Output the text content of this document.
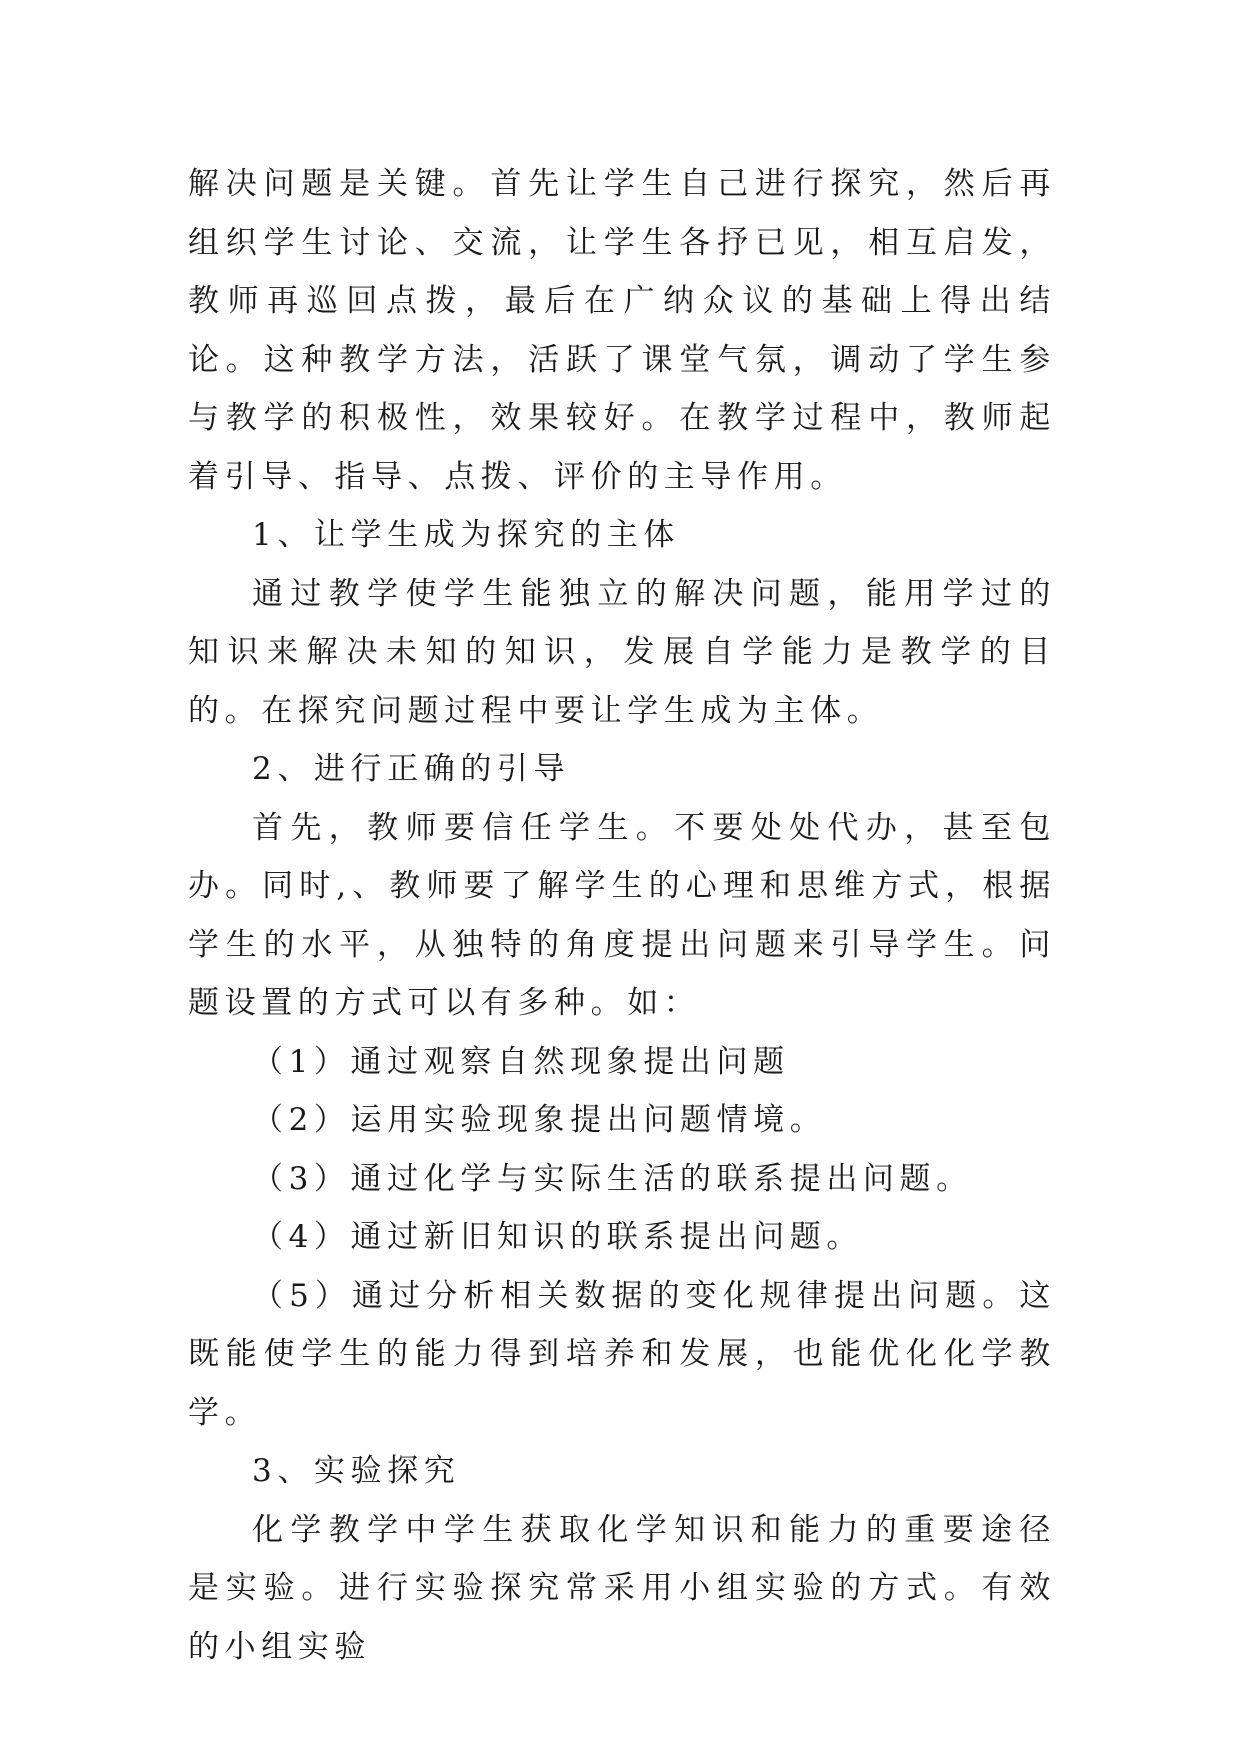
解决问题是关键。首先让学生自己进行探究，然后再组织学生讨论、交流，让学生各抒已见，相互启发，教师再巡回点拨，最后在广纳众议的基础上得出结论。这种教学方法，活跃了课堂气氛，调动了学生参与教学的积极性，效果较好。在教学过程中，教师起着引导、指导、点拨、评价的主导作用。

1、让学生成为探究的主体

通过教学使学生能独立的解决问题，能用学过的知识来解决未知的知识，发展自学能力是教学的目的。在探究问题过程中要让学生成为主体。

2、进行正确的引导

首先，教师要信任学生。不要处处代办，甚至包办。同时,、教师要了解学生的心理和思维方式，根据学生的水平，从独特的角度提出问题来引导学生。问题设置的方式可以有多种。如：

（1）通过观察自然现象提出问题

（2）运用实验现象提出问题情境。

（3）通过化学与实际生活的联系提出问题。

（4）通过新旧知识的联系提出问题。

（5）通过分析相关数据的变化规律提出问题。这既能使学生的能力得到培养和发展，也能优化化学教学。

3、实验探究

化学教学中学生获取化学知识和能力的重要途径是实验。进行实验探究常采用小组实验的方式。有效的小组实验
